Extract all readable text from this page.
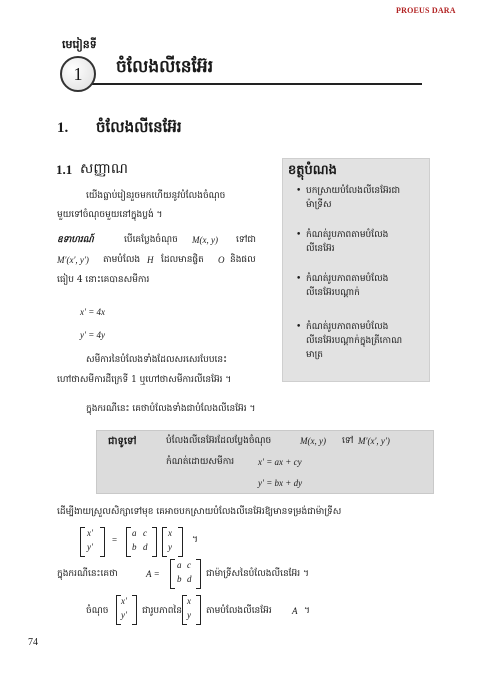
PROEUS DARA
មេរៀនទី
1	ចំលែងលីនេអ៊ែរ
1. ចំលែងលីនេអ៊ែរ
1.1 សញ្ញាណ
យើងធ្លាប់រៀនរួចមកហើយនូវបំលែងចំណុច
មួយទៅចំណុចមួយនៅក្នុងប្លង់ ។
ឧទាហរណ៍	បើគេប្លែងចំណុច M(x, y) ទៅជា
M′(x′, y′) តាមបំលែង H ដែលមានផ្ចិត O និងផល
ធៀប 4 នោះគេបានសមីការ
x′ = 4x
y′ = 4y
សមីការនៃបំលែងទាំងដែលសរសេរបែបនេះ
ហៅថាសមីការដឺក្រេទី 1 ឬហៅថាសមីការលីនេអ៊ែរ ។
ក្នុងករណីនេះ គេថាបំលែងទាំងជាបំលែងលីនេអ៊ែរ ។
ខត្ថុបំណង
• បកស្រាយបំលែងលីនេអ៊ែរជា
ម៉ាទ្រីស
• កំណត់រូបភាពតាមបំលែង
លីនេអ៊ែរ
• កំណត់រូបភាពតាមបំលែង
លីនេអ៊ែរបណ្តាក់
• កំណត់រូបភាពតាមបំលែង
លីនេអ៊ែរបណ្តាក់ក្នុងត្រីកោណ
មាត្រ
ជាទូទៅ	បំលែងលីនេអ៊ែរដែលប្លែងចំណុច	M(x, y) ទៅ M′(x′, y′)
កំណត់ដោយសមីការ	x′ = ax + cy
y′ = bx + dy
ដើម្បីងាយស្រួលសិក្សាទៅមុខ គេអាចបកស្រាយបំលែងលីនេអ៊ែរឱ្យមានទម្រង់ជាម៉ាទ្រីស
x′
y′
=
a c
b d
x
y
។
ក្នុងករណីនេះគេថា	A =
a c
b d ជាម៉ាទ្រីសនៃបំលែងលីនេអ៊ែរ ។
ចំណុច
x′
y′ ជារូបភាពនៃ
x
y តាមបំលែងលីនេអ៊ែរ A ។
74
